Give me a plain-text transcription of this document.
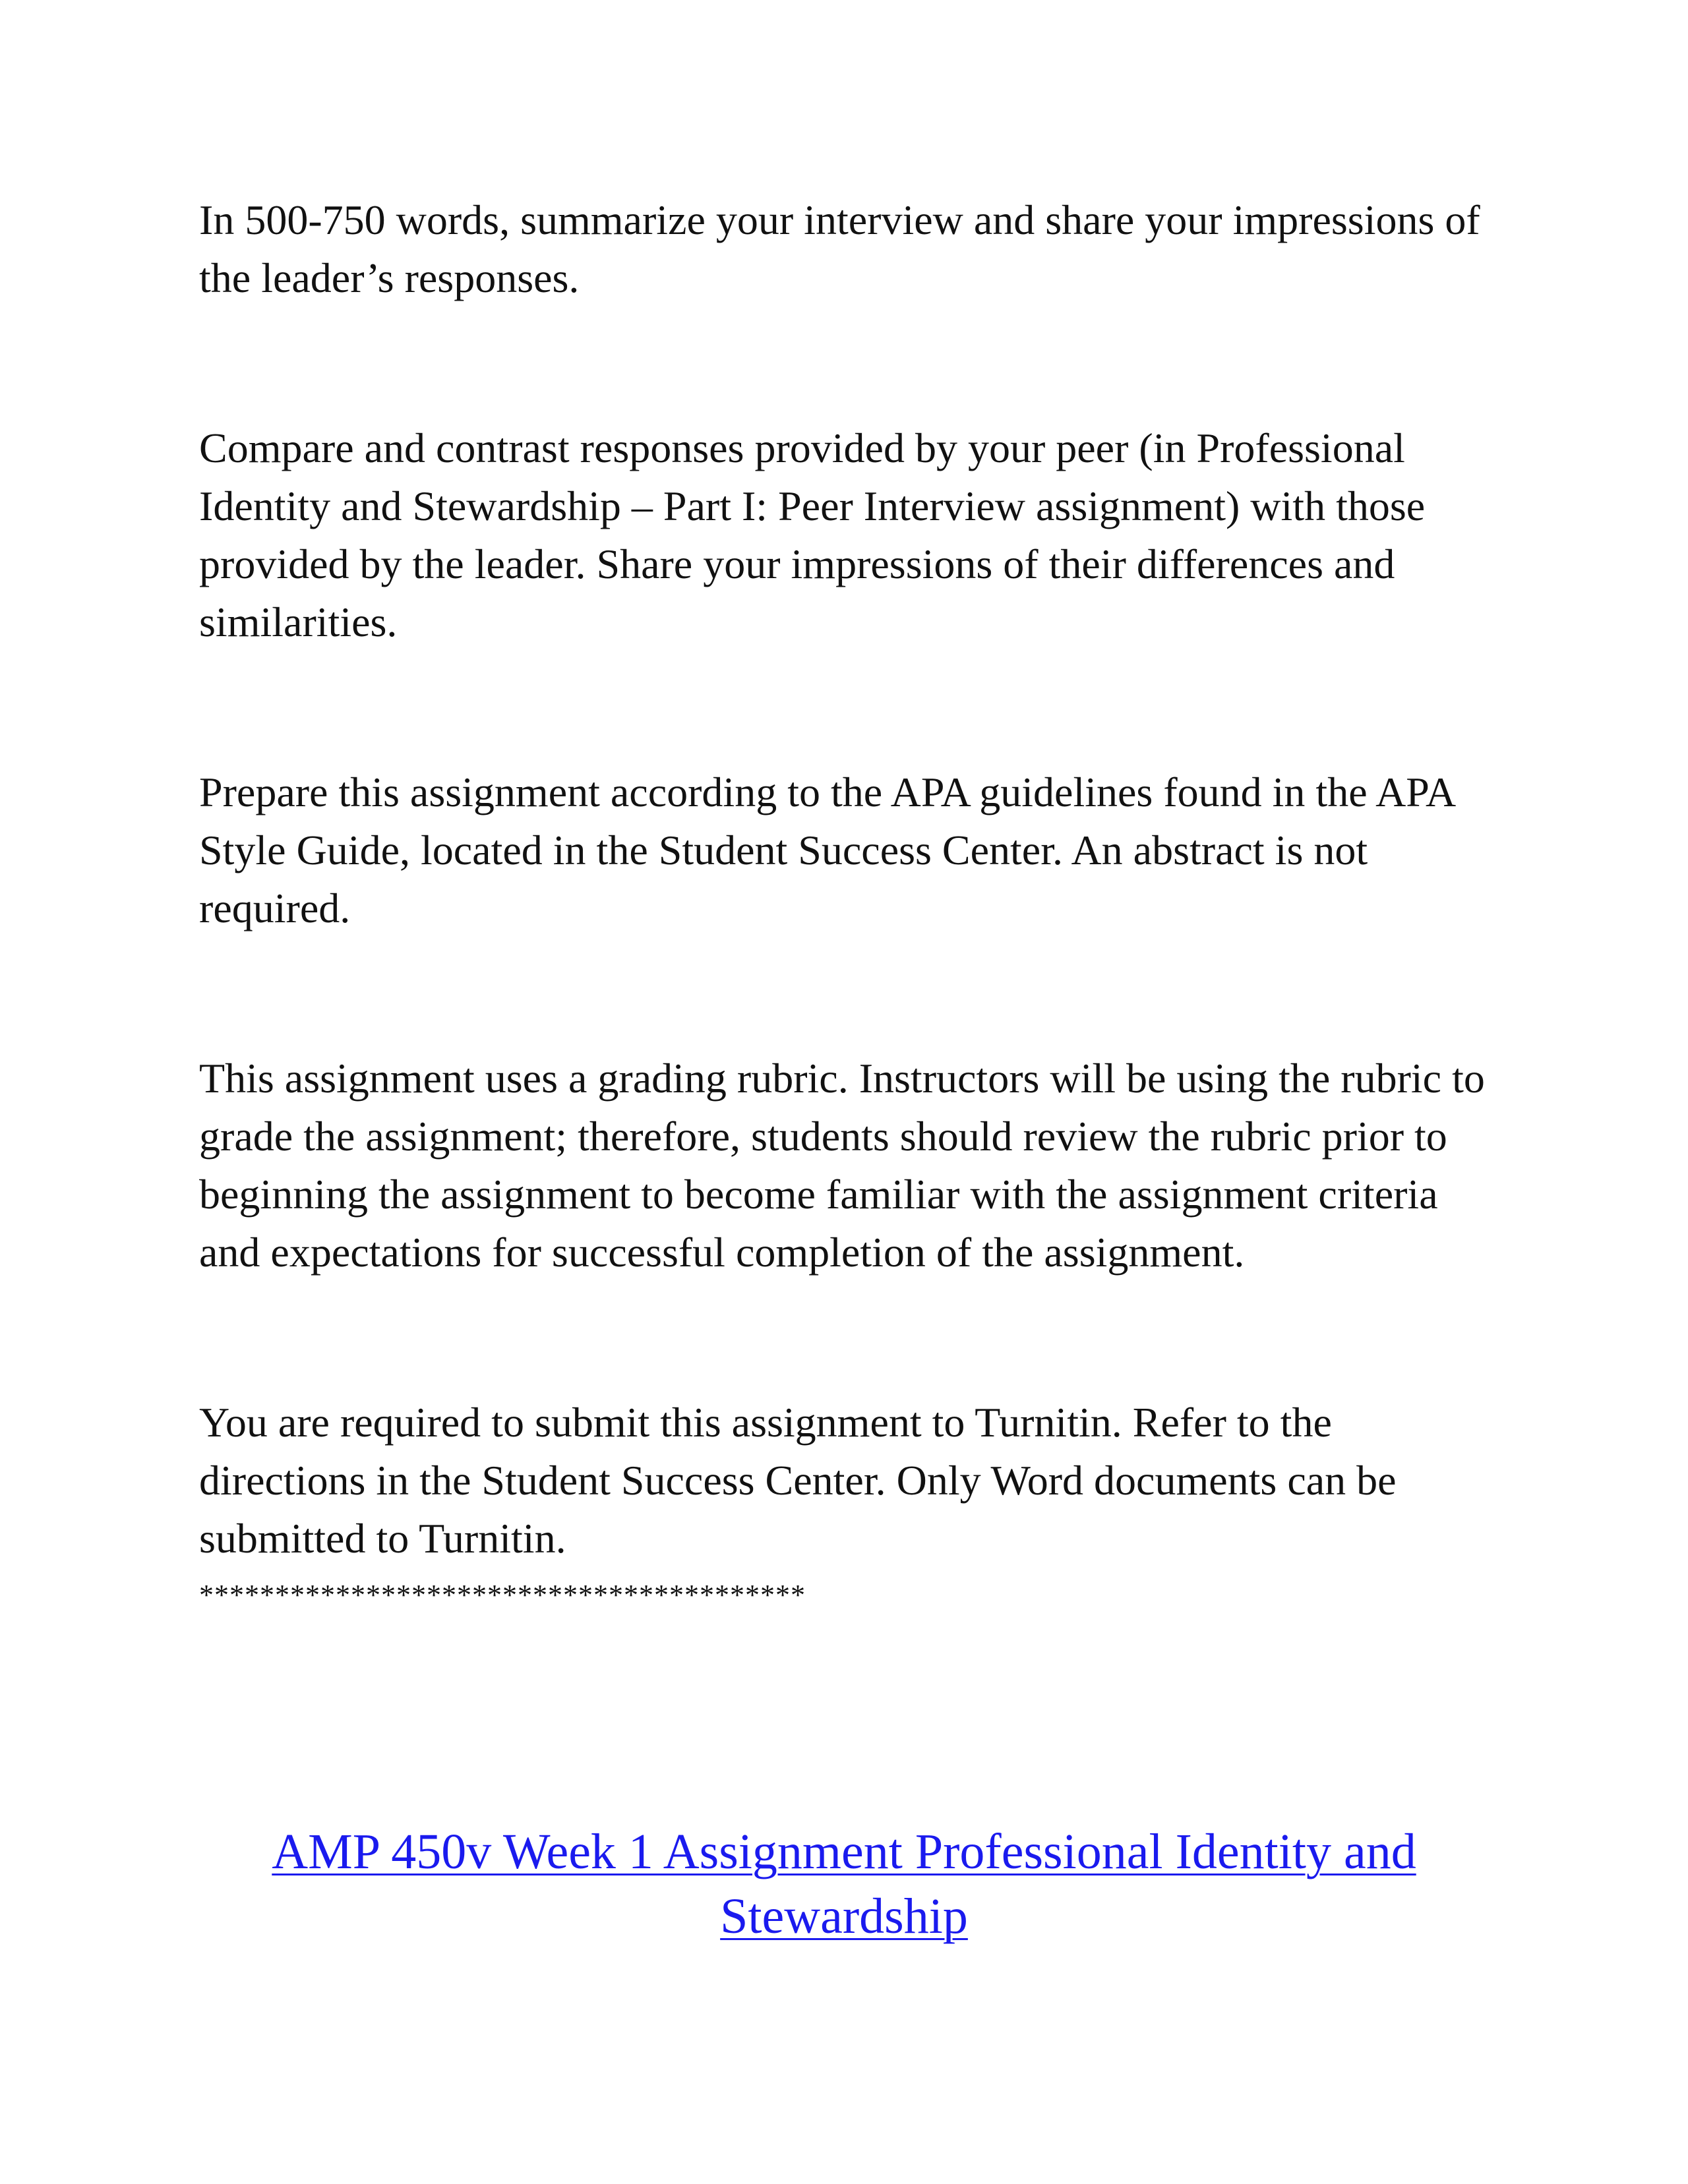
In 500-750 words, summarize your interview and share your impressions of the leader’s responses.

Compare and contrast responses provided by your peer (in Professional Identity and Stewardship – Part I: Peer Interview assignment) with those provided by the leader. Share your impressions of their differences and similarities.

Prepare this assignment according to the APA guidelines found in the APA Style Guide, located in the Student Success Center. An abstract is not required.

This assignment uses a grading rubric. Instructors will be using the rubric to grade the assignment; therefore, students should review the rubric prior to beginning the assignment to become familiar with the assignment criteria and expectations for successful completion of the assignment.

You are required to submit this assignment to Turnitin. Refer to the directions in the Student Success Center. Only Word documents can be submitted to Turnitin.

****************************************
AMP 450v Week 1 Assignment Professional Identity and Stewardship
